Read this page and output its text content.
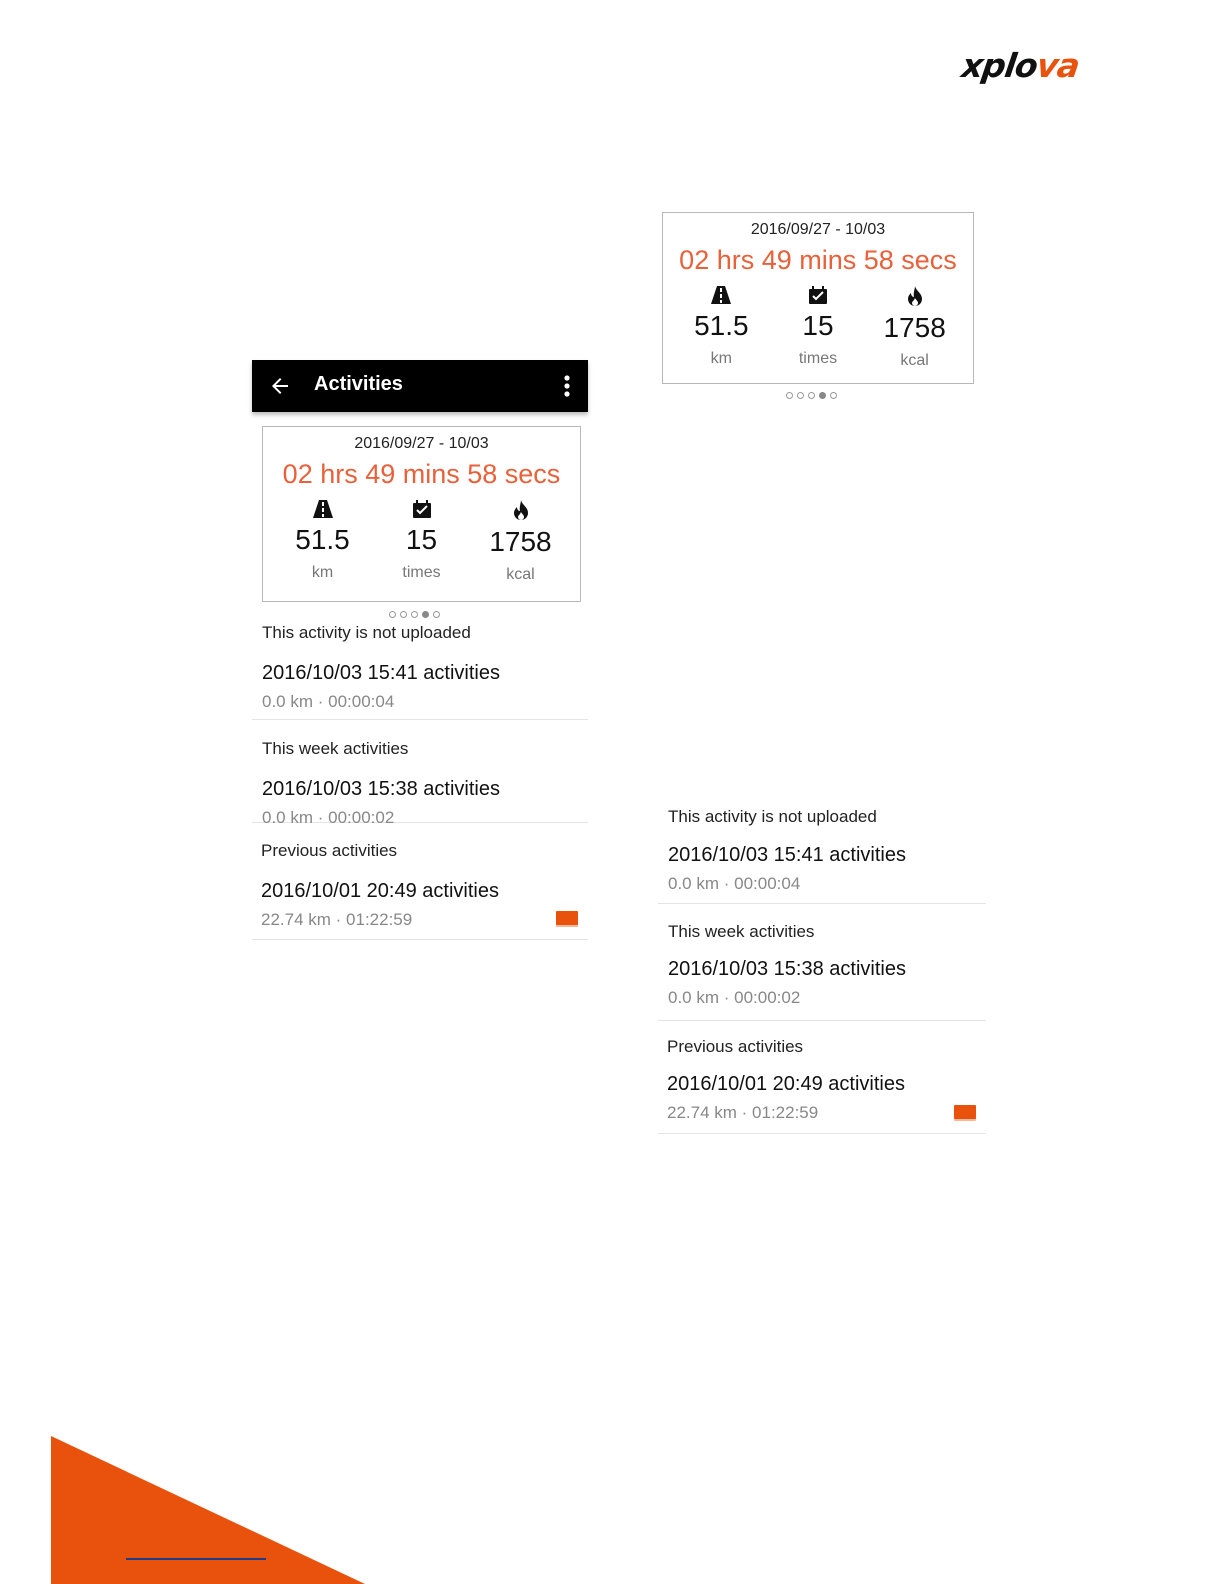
xplova
Activities
2016/09/27 - 10/03
02 hrs 49 mins 58 secs
51.5
km
15
times
1758
kcal
This activity is not uploaded
2016/10/03 15:41 activities
0.0 km · 00:00:04
This week activities
2016/10/03 15:38 activities
0.0 km · 00:00:02
Previous activities
2016/10/01 20:49 activities
22.74 km · 01:22:59
2016/09/27 - 10/03
02 hrs 49 mins 58 secs
51.5
km
15
times
1758
kcal
This activity is not uploaded
2016/10/03 15:41 activities
0.0 km · 00:00:04
This week activities
2016/10/03 15:38 activities
0.0 km · 00:00:02
Previous activities
2016/10/01 20:49 activities
22.74 km · 01:22:59
